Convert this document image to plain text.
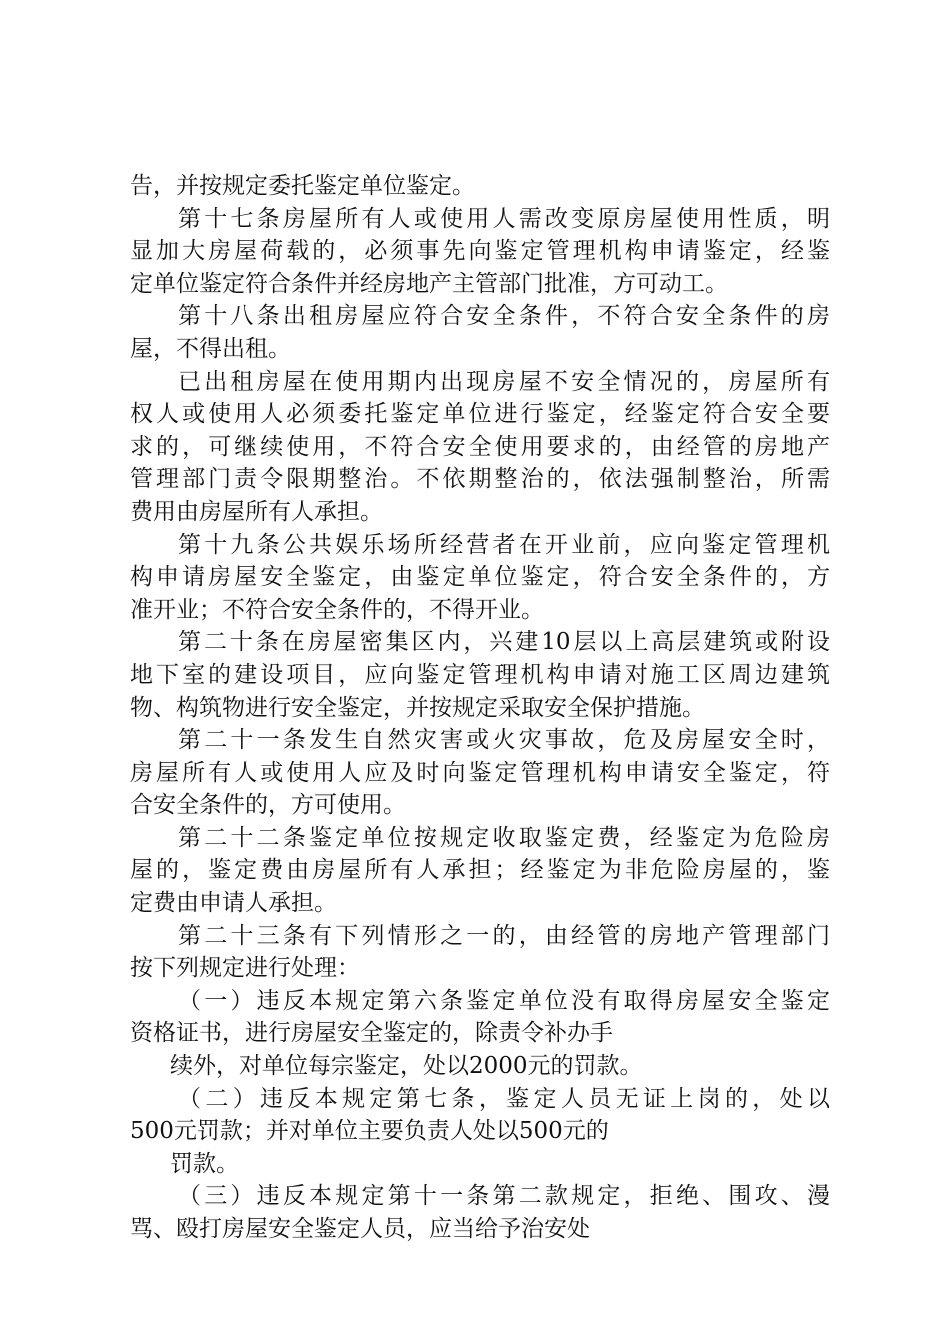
告，并按规定委托鉴定单位鉴定。
第十七条房屋所有人或使用人需改变原房屋使用性质，明
显加大房屋荷载的，必须事先向鉴定管理机构申请鉴定，经鉴
定单位鉴定符合条件并经房地产主管部门批准，方可动工。
第十八条出租房屋应符合安全条件，不符合安全条件的房
屋，不得出租。
已出租房屋在使用期内出现房屋不安全情况的，房屋所有
权人或使用人必须委托鉴定单位进行鉴定，经鉴定符合安全要
求的，可继续使用，不符合安全使用要求的，由经管的房地产
管理部门责令限期整治。不依期整治的，依法强制整治，所需
费用由房屋所有人承担。
第十九条公共娱乐场所经营者在开业前，应向鉴定管理机
构申请房屋安全鉴定，由鉴定单位鉴定，符合安全条件的，方
准开业；不符合安全条件的，不得开业。
第二十条在房屋密集区内，兴建10层以上高层建筑或附设
地下室的建设项目，应向鉴定管理机构申请对施工区周边建筑
物、构筑物进行安全鉴定，并按规定采取安全保护措施。
第二十一条发生自然灾害或火灾事故，危及房屋安全时，
房屋所有人或使用人应及时向鉴定管理机构申请安全鉴定，符
合安全条件的，方可使用。
第二十二条鉴定单位按规定收取鉴定费，经鉴定为危险房
屋的，鉴定费由房屋所有人承担；经鉴定为非危险房屋的，鉴
定费由申请人承担。
第二十三条有下列情形之一的，由经管的房地产管理部门
按下列规定进行处理：
（一）违反本规定第六条鉴定单位没有取得房屋安全鉴定
资格证书，进行房屋安全鉴定的，除责令补办手
续外，对单位每宗鉴定，处以2000元的罚款。
（二）违反本规定第七条，鉴定人员无证上岗的，处以
500元罚款；并对单位主要负责人处以500元的
罚款。
（三）违反本规定第十一条第二款规定，拒绝、围攻、漫
骂、殴打房屋安全鉴定人员，应当给予治安处
